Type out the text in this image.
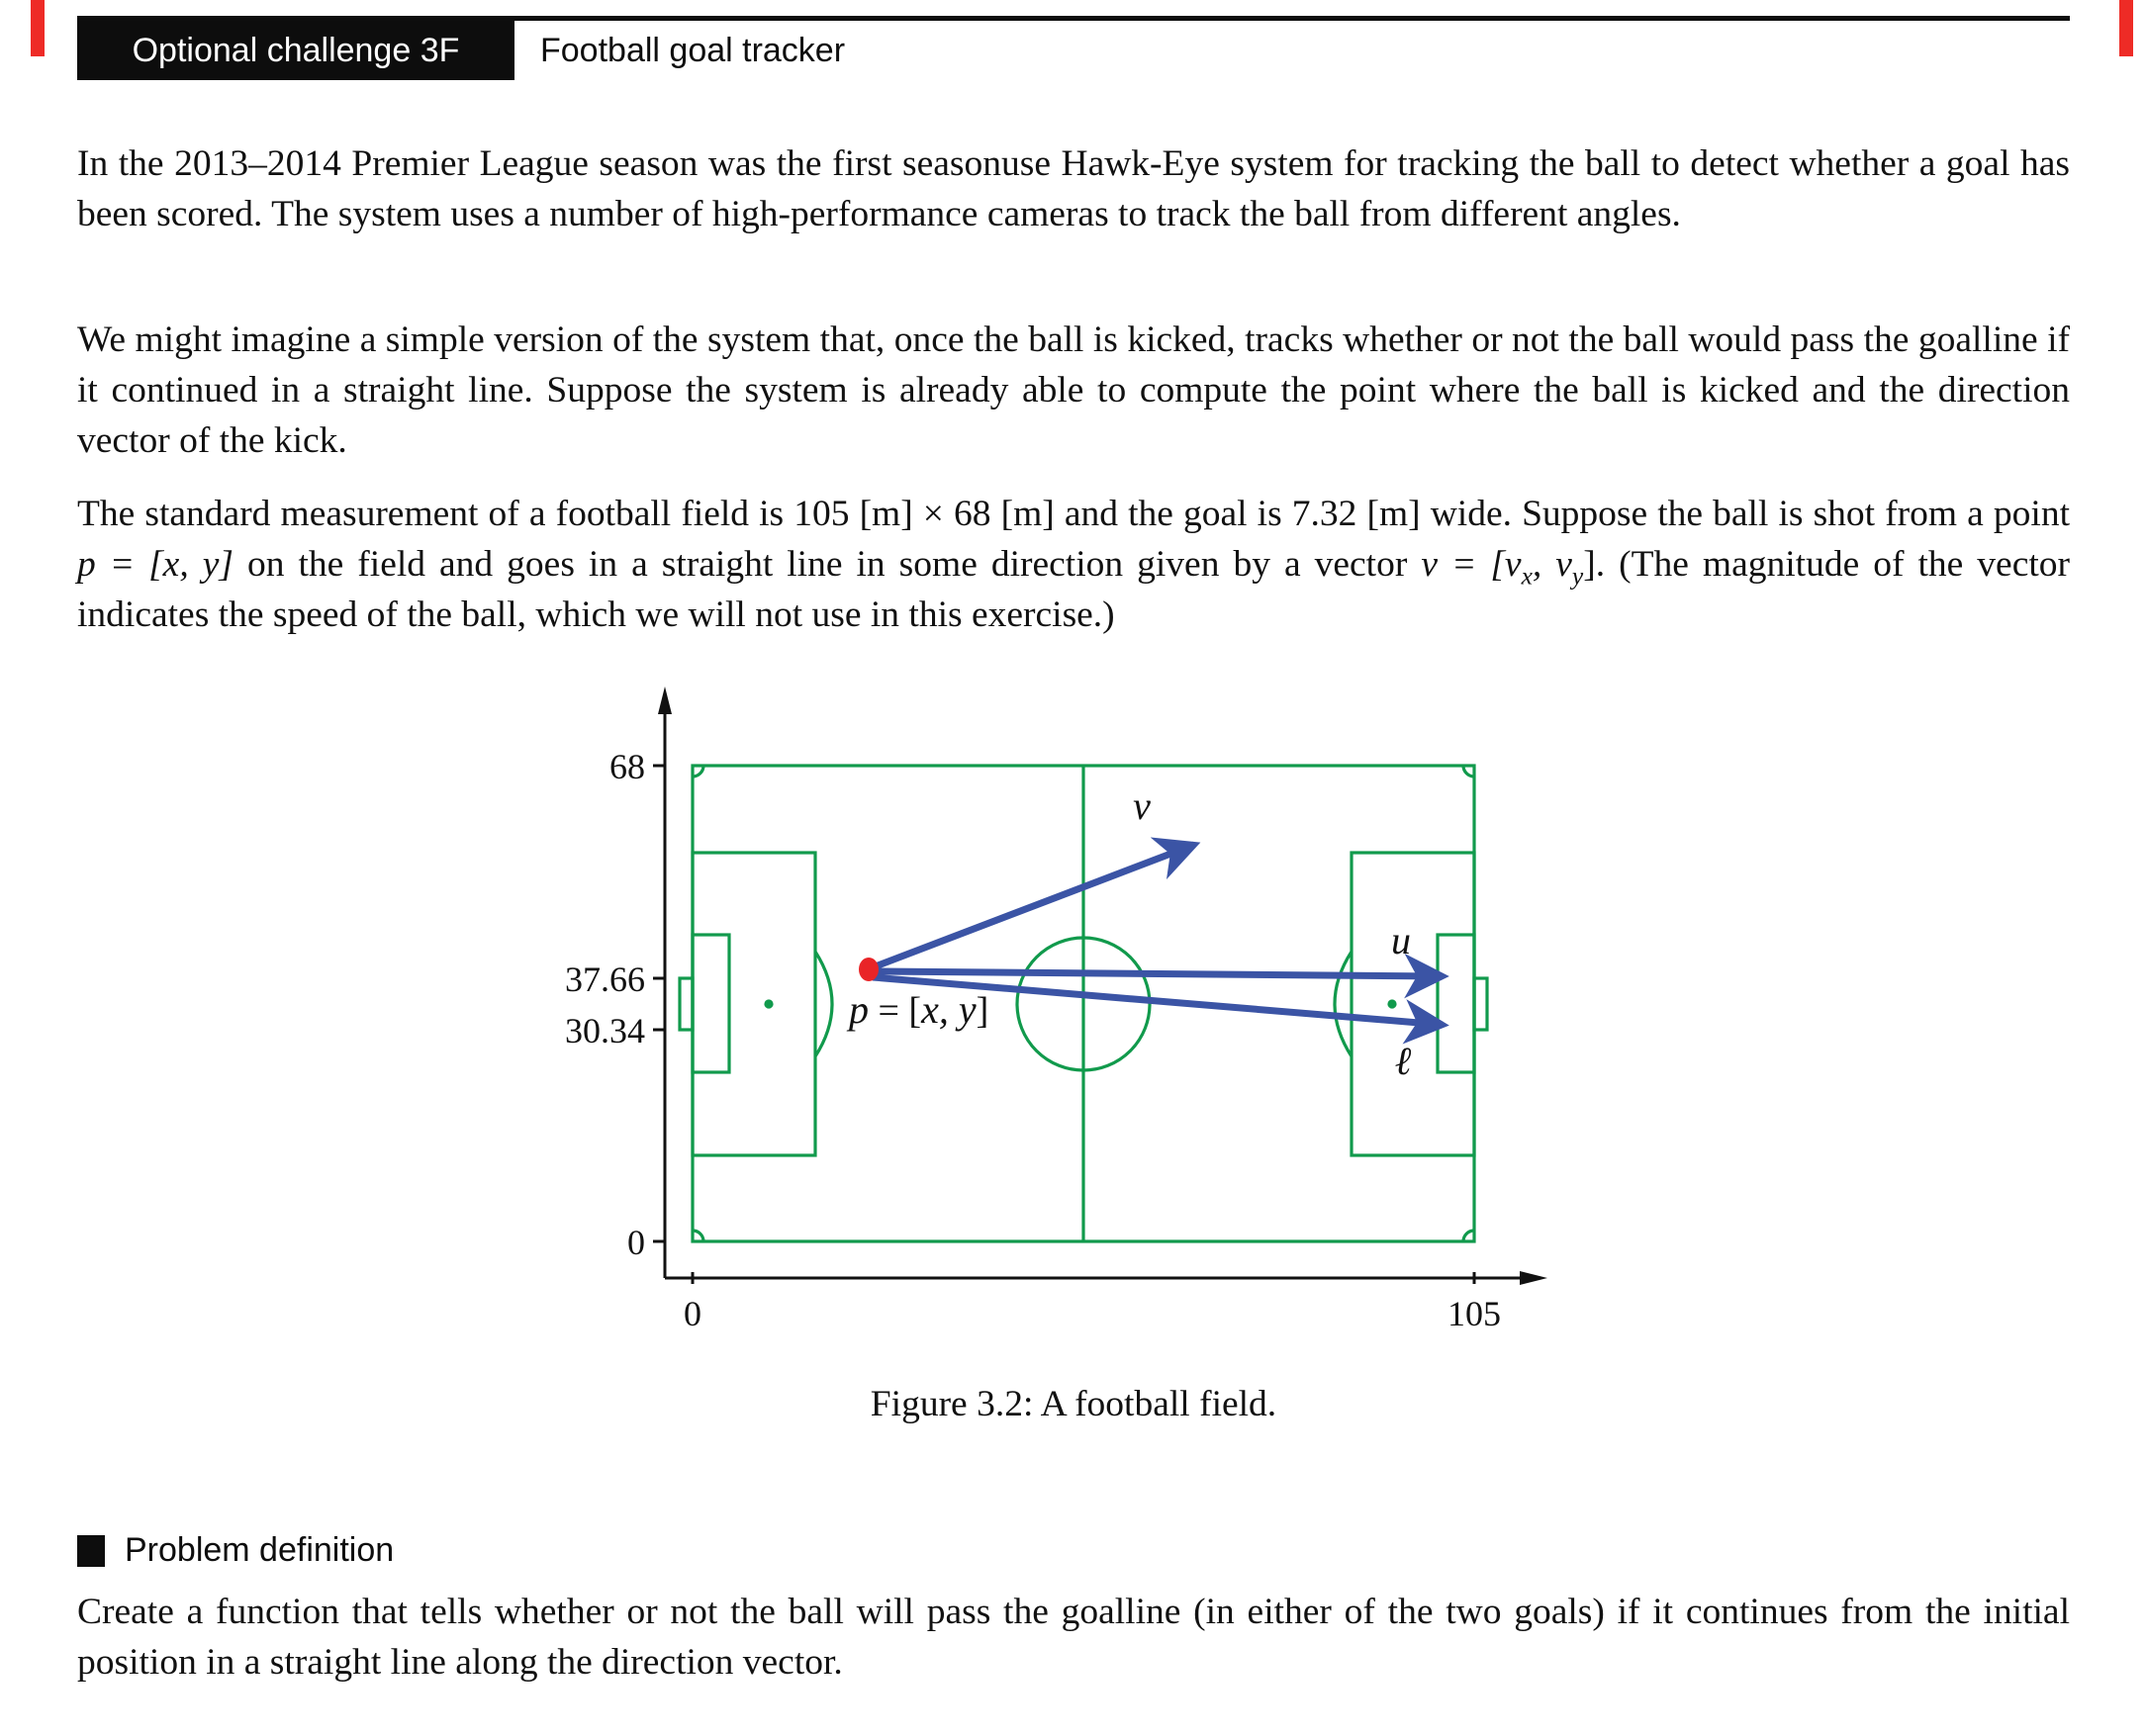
Optional challenge 3F Football goal tracker

In the 2013–2014 Premier League season was the first seasonuse Hawk-Eye system for tracking the ball to detect whether a goal has been scored. The system uses a number of high-performance cameras to track the ball from different angles.

We might imagine a simple version of the system that, once the ball is kicked, tracks whether or not the ball would pass the goalline if it continued in a straight line. Suppose the system is already able to compute the point where the ball is kicked and the direction vector of the kick.

The standard measurement of a football field is 105 [m] × 68 [m] and the goal is 7.32 [m] wide. Suppose the ball is shot from a point p = [x, y] on the field and goes in a straight line in some direction given by a vector $v = [v_x$, $v_y$]. (The magnitude of the vector indicates the speed of the ball, which we will not use in this exercise.)

68
37.66
30.34
0
0	105
v
u
ℓ
p = [x, y]
Figure 3.2: A football field.
Problem definition

Create a function that tells whether or not the ball will pass the goalline (in either of the two goals) if it continues from the initial position in a straight line along the direction vector.
